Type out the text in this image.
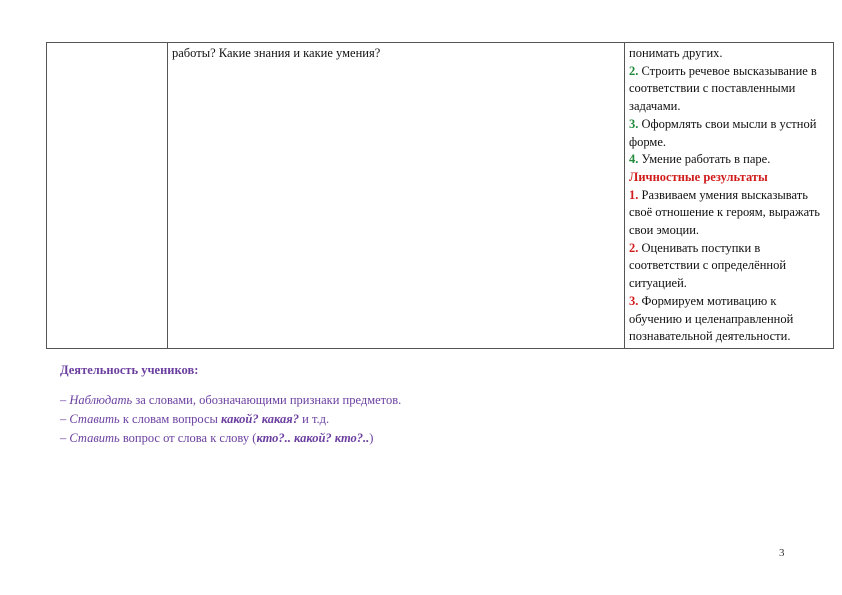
	работы? Какие знания и какие умения?	понимать других.
2. Строить речевое высказывание в соответствии с поставленными задачами.
3. Оформлять свои мысли в устной форме.
4. Умение работать в паре.
Личностные результаты
1. Развиваем умения высказывать своё отношение к героям, выражать свои эмоции.
2. Оценивать поступки в соответствии с определённой ситуацией.
3. Формируем мотивацию к обучению и целенаправленной познавательной деятельности.
Деятельность учеников:
– Наблюдать за словами, обозначающими признаки предметов.
– Ставить к словам вопросы какой? какая? и т.д.
– Ставить вопрос от слова к слову (кто?.. какой? кто?..)
3
